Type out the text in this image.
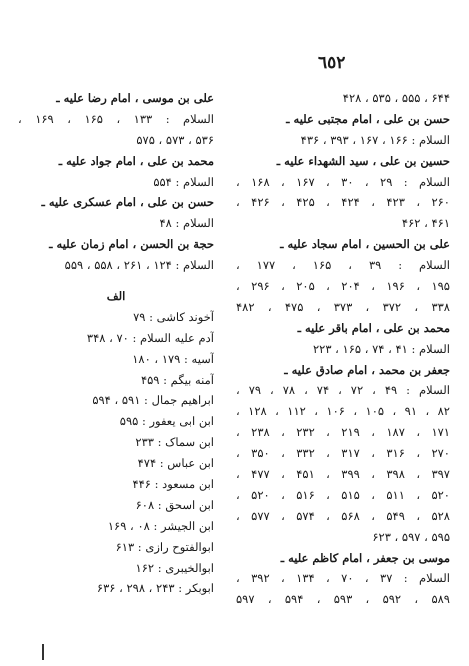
٦٥٢
۶۴۴ ، ۵۵۵ ، ۵۳۵ ، ۴۲۸
حسن بن علی ، امام مجتبی علیه ـ
السلام : ۱۶۶ ، ۱۶۷ ، ۳۹۳ ، ۴۳۶
حسین بن علی ، سید الشهداء علیه ـ
السلام : ۲۹ ، ۳۰ ، ۱۶۷ ، ۱۶۸ ،
۲۶۰ ، ۴۲۳ ، ۴۲۴ ، ۴۲۵ ، ۴۲۶ ،
۴۶۱ ، ۴۶۲
علی بن الحسین ، امام سجاد علیه ـ
السلام : ۳۹ ، ۱۶۵ ، ۱۷۷ ،
۱۹۵ ، ۱۹۶ ، ۲۰۴ ، ۲۰۵ ، ۲۹۶ ،
۳۳۸ ، ۳۷۲ ، ۳۷۳ ، ۴۷۵ ، ۴۸۲
محمد بن علی ، امام باقر علیه ـ
السلام : ۴۱ ، ۷۴ ، ۱۶۵ ، ۲۲۳
جعفر بن محمد ، امام صادق علیه ـ
السلام : ۴۹ ، ۷۲ ، ۷۴ ، ۷۸ ، ۷۹ ،
۸۲ ، ۹۱ ، ۱۰۵ ، ۱۰۶ ، ۱۱۲ ، ۱۲۸ ،
۱۷۱ ، ۱۸۷ ، ۲۱۹ ، ۲۳۲ ، ۲۳۸ ،
۲۷۰ ، ۳۱۶ ، ۳۱۷ ، ۳۳۲ ، ۳۵۰ ،
۳۹۷ ، ۳۹۸ ، ۳۹۹ ، ۴۵۱ ، ۴۷۷ ،
۵۲۰ ، ۵۱۱ ، ۵۱۵ ، ۵۱۶ ، ۵۲۰ ،
۵۲۸ ، ۵۴۹ ، ۵۶۸ ، ۵۷۴ ، ۵۷۷ ،
۵۹۵ ، ۵۹۷ ، ۶۲۳
موسی بن جعفر ، امام کاظم علیه ـ
السلام : ۳۷ ، ۷۰ ، ۱۳۴ ، ۳۹۲ ،
۵۸۹ ، ۵۹۲ ، ۵۹۳ ، ۵۹۴ ، ۵۹۷
علی بن موسی ، امام رضا علیه ـ
السلام : ۱۳۳ ، ۱۶۵ ، ۱۶۹ ،
۵۳۶ ، ۵۷۳ ، ۵۷۵
محمد بن علی ، امام جواد علیه ـ
السلام : ۵۵۴
حسن بن علی ، امام عسکری علیه ـ
السلام : ۴۸
حجة بن الحسن ، امام زمان علیه ـ
السلام : ۱۲۴ ، ۲۶۱ ، ۵۵۸ ، ۵۵۹
الف
آخوند کاشی : ۷۹
آدم علیه السلام : ۷۰ ، ۳۴۸
آسیه : ۱۷۹ ، ۱۸۰
آمنه بیگم : ۴۵۹
ابراهیم جمال : ۵۹۱ ، ۵۹۴
ابن ابی یعفور : ۵۹۵
ابن سماک : ۲۳۳
ابن عباس : ۴۷۴
ابن مسعود : ۴۴۶
ابن اسحق : ۶۰۸
ابن الجیشر : ۰۸ ، ۱۶۹
ابوالفتوح رازی : ۶۱۳
ابوالخیبری : ۱۶۲
ابوبکر : ۲۴۳ ، ۲۹۸ ، ۶۳۶
